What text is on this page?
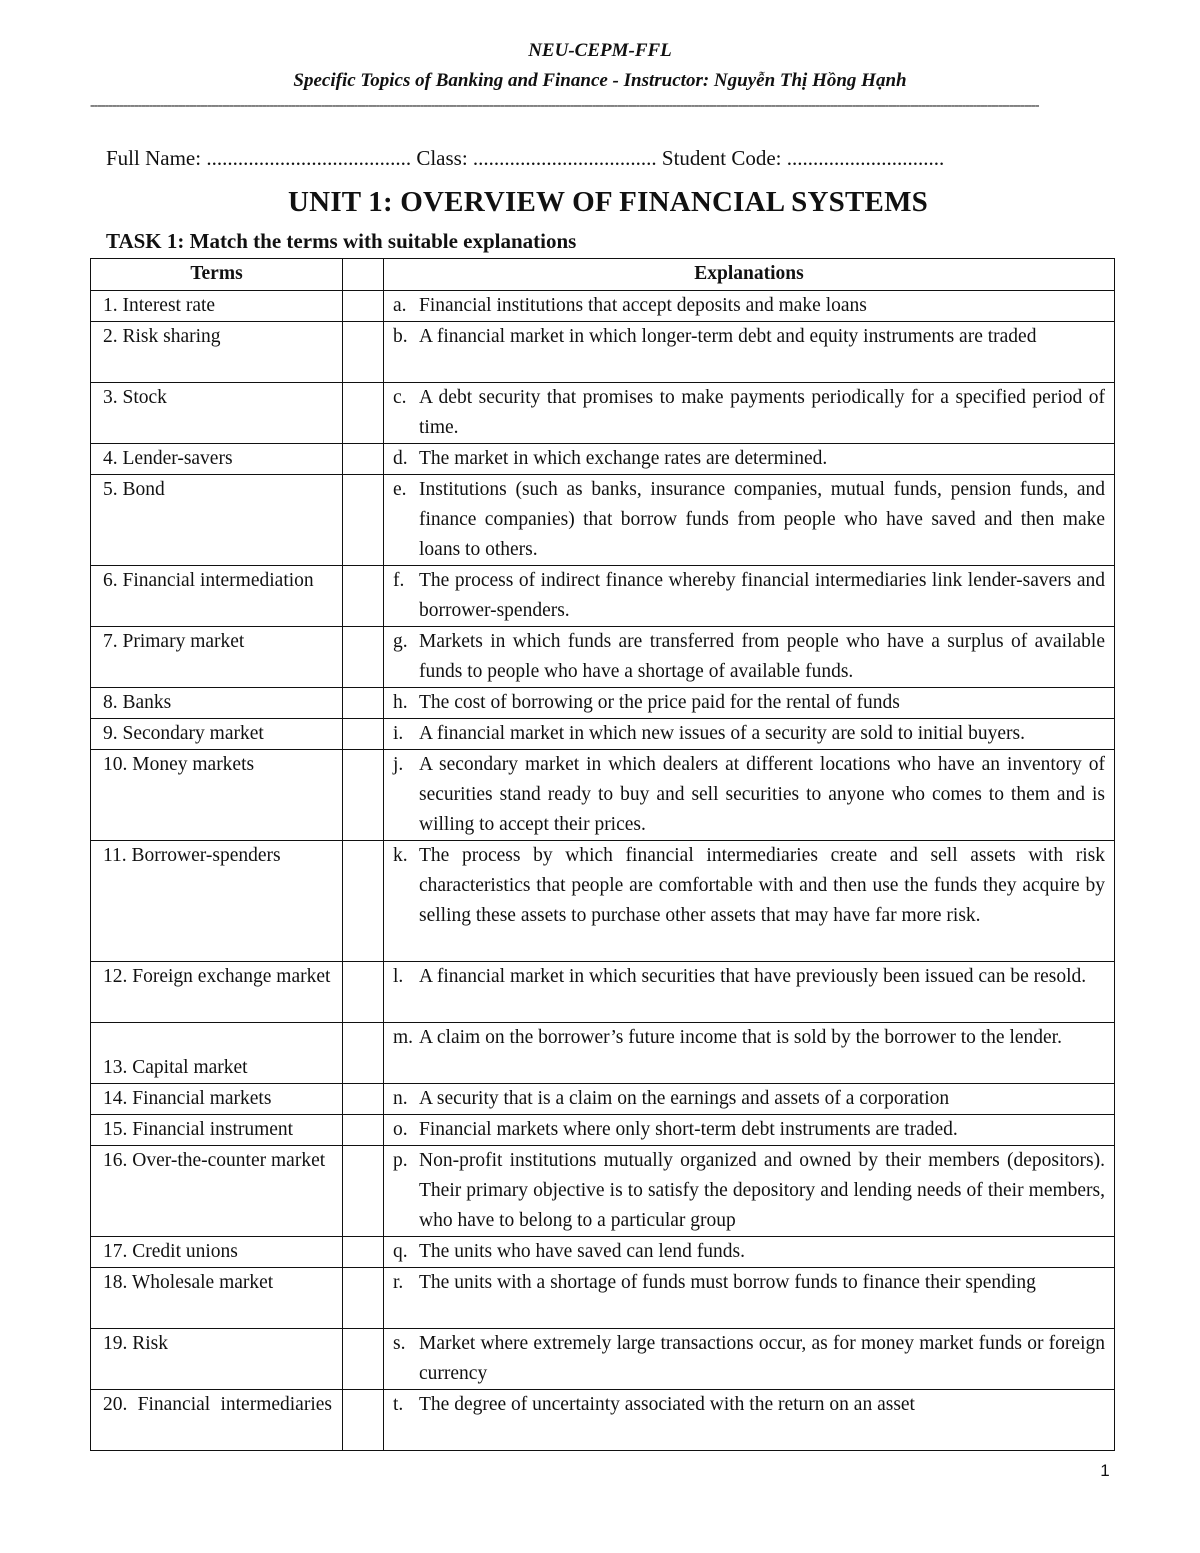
NEU-CEPM-FFL
Specific Topics of Banking and Finance - Instructor: Nguyễn Thị Hồng Hạnh
-------------------------------------------------------------------------------------------------------------------------------------------------------------------------------------------------------------------------------------------------------------------
Full Name: ....................................... Class: ................................... Student Code: ..............................
UNIT 1: OVERVIEW OF FINANCIAL SYSTEMS
TASK 1: Match the terms with suitable explanations
Terms		Explanations
1. Interest rate		a. Financial institutions that accept deposits and make loans

2. Risk sharing		b. A financial market in which longer-term debt and equity instruments are traded

3. Stock		c. A debt security that promises to make payments periodically for a specified period of time.

4. Lender-savers		d. The market in which exchange rates are determined.

5. Bond		e. Institutions (such as banks, insurance companies, mutual funds, pension funds, and finance companies) that borrow funds from people who have saved and then make loans to others.

6. Financial intermediation		f. The process of indirect finance whereby financial intermediaries link lender-savers and borrower-spenders.

7. Primary market		g. Markets in which funds are transferred from people who have a surplus of available funds to people who have a shortage of available funds.

8. Banks		h. The cost of borrowing or the price paid for the rental of funds

9. Secondary market		i. A financial market in which new issues of a security are sold to initial buyers.

10. Money markets		j. A secondary market in which dealers at different locations who have an inventory of securities stand ready to buy and sell securities to anyone who comes to them and is willing to accept their prices.

11. Borrower-spenders		k. The process by which financial intermediaries create and sell assets with risk characteristics that people are comfortable with and then use the funds they acquire by selling these assets to purchase other assets that may have far more risk.

12. Foreign exchange market		l. A financial market in which securities that have previously been issued can be resold.

13. Capital market		m. A claim on the borrower’s future income that is sold by the borrower to the lender.

14. Financial markets		n. A security that is a claim on the earnings and assets of a corporation

15. Financial instrument		o. Financial markets where only short-term debt instruments are traded.

16. Over-the-counter market		p. Non-profit institutions mutually organized and owned by their members (depositors). Their primary objective is to satisfy the depository and lending needs of their members, who have to belong to a particular group

17. Credit unions		q. The units who have saved can lend funds.

18. Wholesale market		r. The units with a shortage of funds must borrow funds to finance their spending

19. Risk		s. Market where extremely large transactions occur, as for money market funds or foreign currency

20. Financial intermediaries		t. The degree of uncertainty associated with the return on an asset
1
